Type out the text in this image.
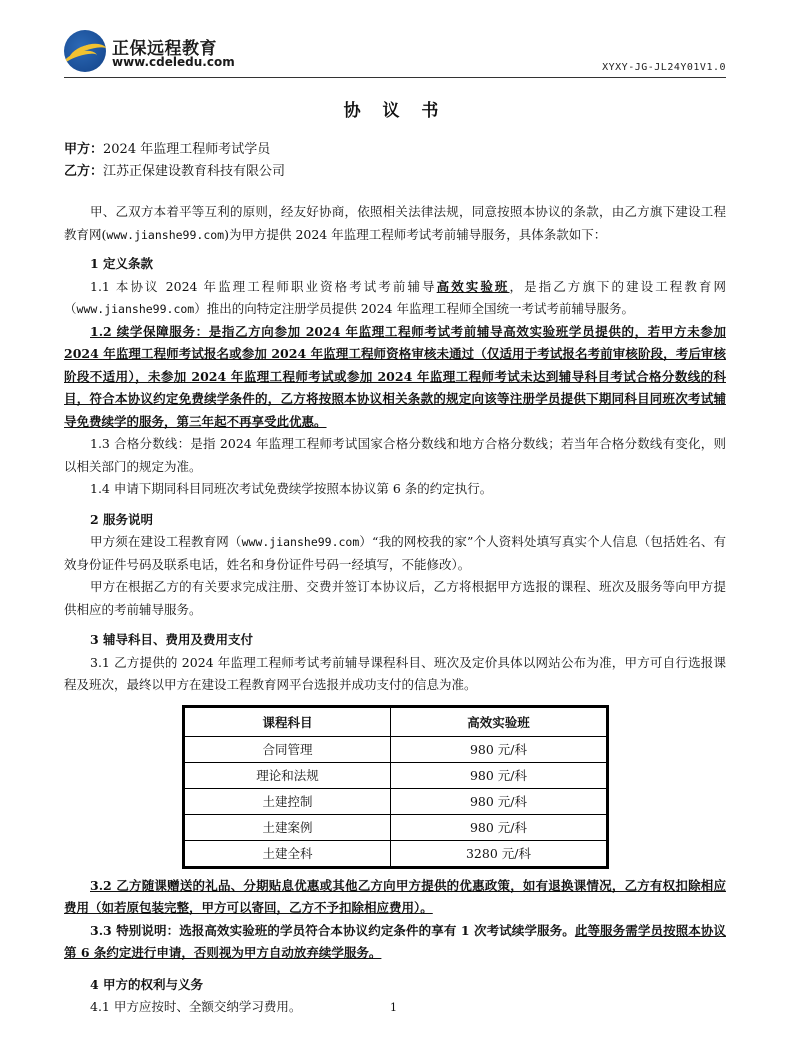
正保远程教育
www.cdeledu.com	XYXY-JG-JL24Y01V1.0
协 议 书

甲方：2024 年监理工程师考试学员

乙方：江苏正保建设教育科技有限公司

甲、乙双方本着平等互利的原则，经友好协商，依照相关法律法规，同意按照本协议的条款，由乙方旗下建设工程教育网(www.jianshe99.com)为甲方提供 2024 年监理工程师考试考前辅导服务，具体条款如下：

1 定义条款

1.1 本协议 2024 年监理工程师职业资格考试考前辅导高效实验班，是指乙方旗下的建设工程教育网（www.jianshe99.com）推出的向特定注册学员提供 2024 年监理工程师全国统一考试考前辅导服务。

1.2 续学保障服务：是指乙方向参加 2024 年监理工程师考试考前辅导高效实验班学员提供的，若甲方未参加 2024 年监理工程师考试报名或参加 2024 年监理工程师资格审核未通过（仅适用于考试报名考前审核阶段，考后审核阶段不适用），未参加 2024 年监理工程师考试或参加 2024 年监理工程师考试未达到辅导科目考试合格分数线的科目，符合本协议约定免费续学条件的，乙方将按照本协议相关条款的规定向该等注册学员提供下期同科目同班次考试辅导免费续学的服务，第三年起不再享受此优惠。

1.3 合格分数线：是指 2024 年监理工程师考试国家合格分数线和地方合格分数线；若当年合格分数线有变化，则以相关部门的规定为准。

1.4 申请下期同科目同班次考试免费续学按照本协议第 6 条的约定执行。

2 服务说明

甲方须在建设工程教育网（www.jianshe99.com）“我的网校我的家”个人资料处填写真实个人信息（包括姓名、有效身份证件号码及联系电话，姓名和身份证件号码一经填写，不能修改）。

甲方在根据乙方的有关要求完成注册、交费并签订本协议后，乙方将根据甲方选报的课程、班次及服务等向甲方提供相应的考前辅导服务。

3 辅导科目、费用及费用支付

3.1 乙方提供的 2024 年监理工程师考试考前辅导课程科目、班次及定价具体以网站公布为准，甲方可自行选报课程及班次，最终以甲方在建设工程教育网平台选报并成功支付的信息为准。

课程科目	高效实验班
合同管理	980 元/科
理论和法规	980 元/科
土建控制	980 元/科
土建案例	980 元/科
土建全科	3280 元/科

3.2 乙方随课赠送的礼品、分期贴息优惠或其他乙方向甲方提供的优惠政策，如有退换课情况，乙方有权扣除相应费用（如若原包装完整，甲方可以寄回，乙方不予扣除相应费用）。

3.3 特别说明：选报高效实验班的学员符合本协议约定条件的享有 1 次考试续学服务。此等服务需学员按照本协议第 6 条约定进行申请，否则视为甲方自动放弃续学服务。

4 甲方的权利与义务

4.1 甲方应按时、全额交纳学习费用。	1
